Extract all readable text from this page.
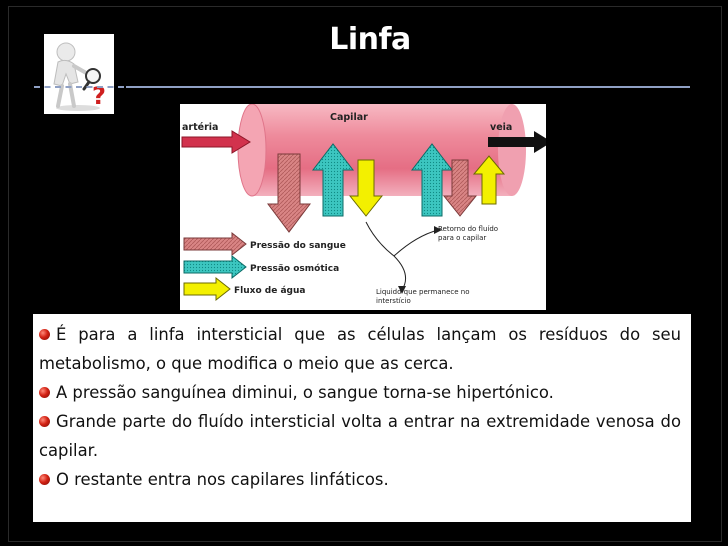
?
Linfa
artéria
Capilar
veia
Retorno do fluído
para o capilar
Liquido que permanece no
interstício
Pressão do sangue
Pressão osmótica
Fluxo de água

É para a linfa intersticial que as células lançam os resíduos do seu metabolismo, o que modifica o meio que as cerca.

A pressão sanguínea diminui, o sangue torna-se hipertónico.

Grande parte do fluído intersticial volta a entrar na extremidade venosa do capilar.

O restante entra nos capilares linfáticos.
